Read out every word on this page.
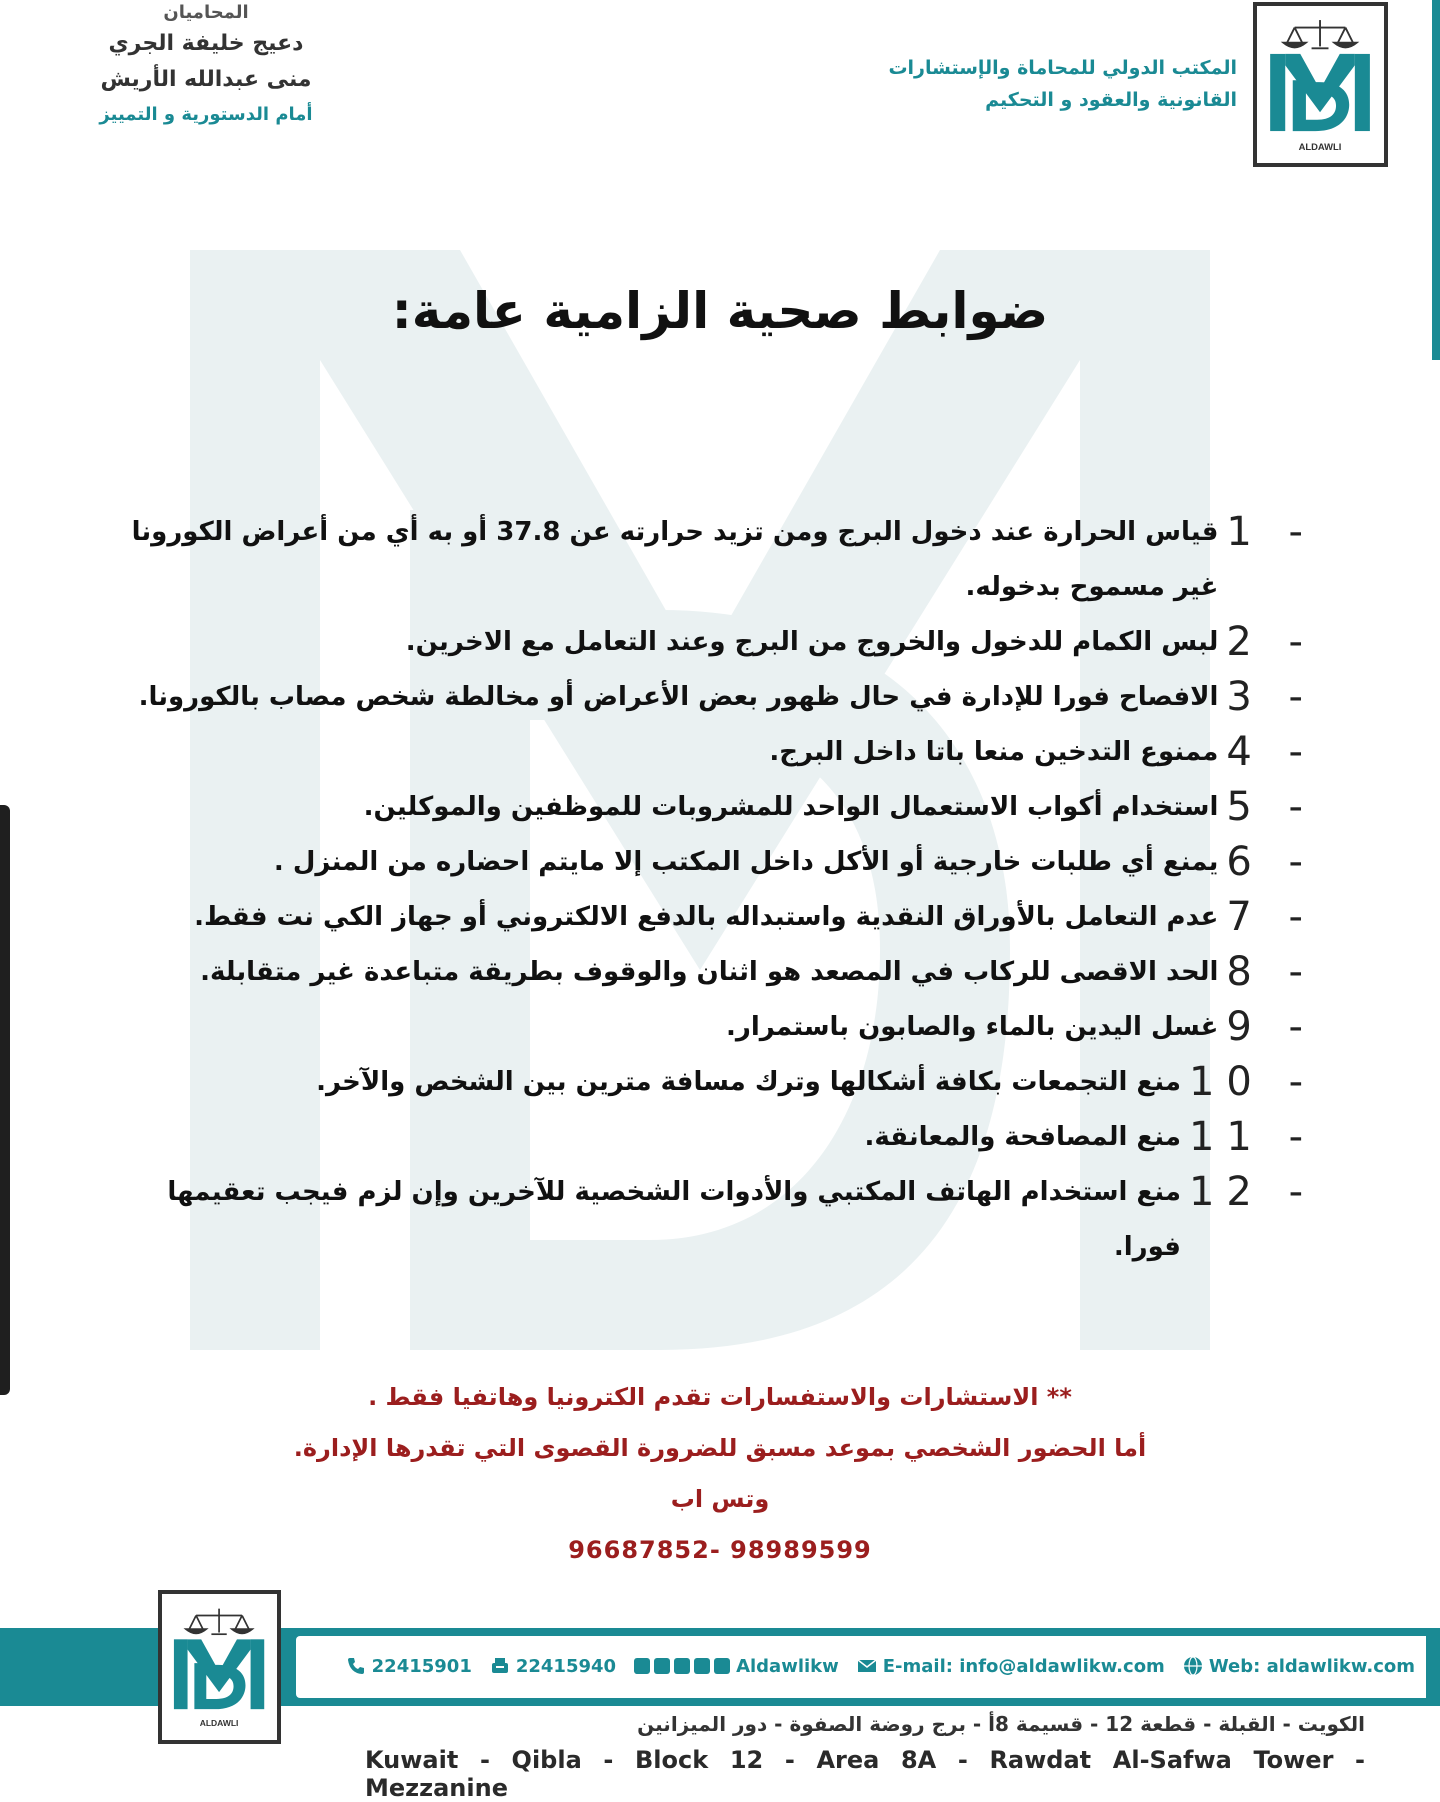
ALDAWLI
المكتب الدولي للمحاماة والإستشارات
القانونية والعقود و التحكيم
المحاميان
دعيج خليفة الجري
منى عبدالله الأريش
أمام الدستورية و التمييز
ضوابط صحية الزامية عامة:
1 -
قياس الحرارة عند دخول البرج ومن تزيد حرارته عن 37.8 أو به أي من أعراض الكورونا غير مسموح بدخوله.
2 -
لبس الكمام للدخول والخروج من البرج وعند التعامل مع الاخرين.
3 -
الافصاح فورا للإدارة في حال ظهور بعض الأعراض أو مخالطة شخص مصاب بالكورونا.
4 -
ممنوع التدخين منعا باتا داخل البرج.
5 -
استخدام أكواب الاستعمال الواحد للمشروبات للموظفين والموكلين.
6 -
يمنع أي طلبات خارجية أو الأكل داخل المكتب إلا مايتم احضاره من المنزل .
7 -
عدم التعامل بالأوراق النقدية واستبداله بالدفع الالكتروني أو جهاز الكي نت فقط.
8 -
الحد الاقصى للركاب في المصعد هو اثنان والوقوف بطريقة متباعدة غير متقابلة.
9 -
غسل اليدين بالماء والصابون باستمرار.
10 -
منع التجمعات بكافة أشكالها وترك مسافة مترين بين الشخص والآخر.
11 -
منع المصافحة والمعانقة.
12 -
منع استخدام الهاتف المكتبي والأدوات الشخصية للآخرين وإن لزم فيجب تعقيمها فورا.
** الاستشارات والاستفسارات تقدم الكترونيا وهاتفيا فقط .
أما الحضور الشخصي بموعد مسبق للضرورة القصوى التي تقدرها الإدارة.
وتس اب
96687852- 98989599
ALDAWLI
22415901 22415940	Aldawlikw E-mail: info@aldawlikw.com Web: aldawlikw.com
الكويت - القبلة - قطعة 12 - قسيمة 8أ - برج روضة الصفوة - دور الميزانين
Kuwait - Qibla - Block 12 - Area 8A - Rawdat Al-Safwa Tower - Mezzanine
